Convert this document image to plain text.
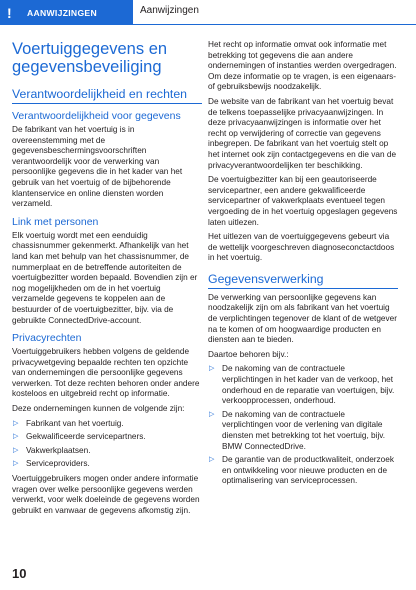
!	AANWIJZINGEN	Aanwijzingen
Voertuiggegevens en gegevensbeveiliging
Verantwoordelijkheid en rechten
Verantwoordelijkheid voor gegevens

De fabrikant van het voertuig is in overeenstemming met de gegevensbeschermingsvoorschriften verantwoordelijk voor de verwerking van persoonlijke gegevens die in het kader van het gebruik van het voertuig of de bijbehorende klantenservice en online diensten worden verzameld.

Link met personen

Elk voertuig wordt met een eenduidig chassisnummer gekenmerkt. Afhankelijk van het land kan met behulp van het chassisnummer, de nummerplaat en de betreffende autoriteiten de voertuigbezitter worden bepaald. Bovendien zijn er nog mogelijkheden om de in het voertuig verzamelde gegevens te koppelen aan de bestuurder of de voertuigbezitter, bijv. via de gebruikte ConnectedDrive-account.

Privacyrechten

Voertuiggebruikers hebben volgens de geldende privacywetgeving bepaalde rechten ten opzichte van ondernemingen die persoonlijke gegevens verwerken. Tot deze rechten behoren onder andere kosteloos en uitgebreid recht op informatie.

Deze ondernemingen kunnen de volgende zijn:

▷ Fabrikant van het voertuig.
▷ Gekwalificeerde servicepartners.
▷ Vakwerkplaatsen.
▷ Serviceproviders.

Voertuiggebruikers mogen onder andere informatie vragen over welke persoonlijke gegevens werden verwerkt, voor welk doeleinde de gegevens worden gebruikt en vanwaar de gegevens afkomstig zijn.

Het recht op informatie omvat ook informatie met betrekking tot gegevens die aan andere ondernemingen of instanties werden overgedragen. Om deze informatie op te vragen, is een eigenaars- of gebruiksbewijs noodzakelijk.

De website van de fabrikant van het voertuig bevat de telkens toepasselijke privacyaanwijzingen. In deze privacyaanwijzingen is informatie over het recht op verwijdering of correctie van gegevens inbegrepen. De fabrikant van het voertuig stelt op het internet ook zijn contactgegevens en die van de privacyverantwoordelijken ter beschikking.

De voertuigbezitter kan bij een geautoriseerde servicepartner, een andere gekwalificeerde servicepartner of vakwerkplaats eventueel tegen vergoeding de in het voertuig opgeslagen gegevens laten uitlezen.

Het uitlezen van de voertuiggegevens gebeurt via de wettelijk voorgeschreven diagnoseconctactdoos in het voertuig.

Gegevensverwerking

De verwerking van persoonlijke gegevens kan noodzakelijk zijn om als fabrikant van het voertuig de verplichtingen tegenover de klant of de wetgever na te komen of om hoogwaardige producten en diensten aan te bieden.

Daartoe behoren bijv.:

▷ De nakoming van de contractuele verplichtingen in het kader van de verkoop, het onderhoud en de reparatie van voertuigen, bijv. verkoopprocessen, onderhoud.
▷ De nakoming van de contractuele verplichtingen voor de verlening van digitale diensten met betrekking tot het voertuig, bijv. BMW ConnectedDrive.
▷ De garantie van de productkwaliteit, onderzoek en ontwikkeling voor nieuwe producten en de optimalisering van serviceprocessen.
10
